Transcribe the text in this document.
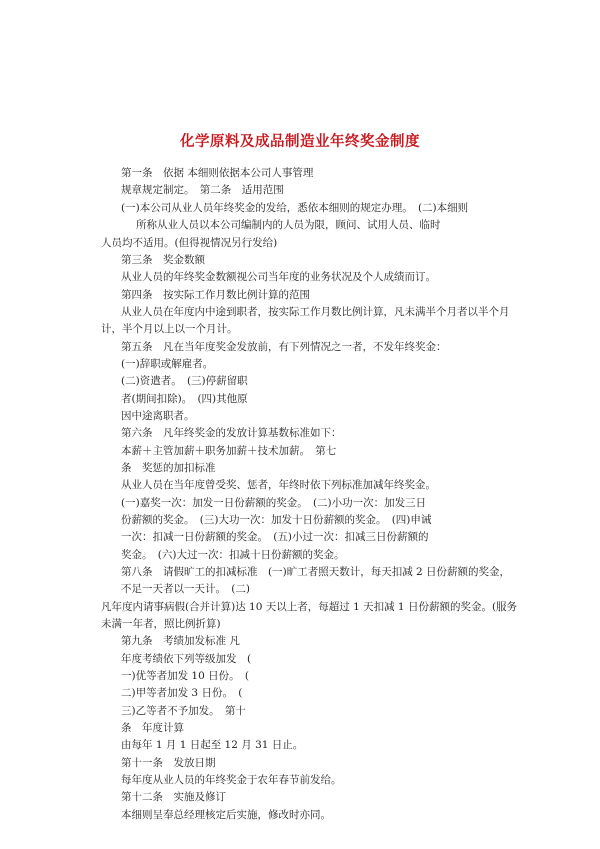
化学原料及成品制造业年终奖金制度
第一条　依据 本细则依据本公司人事管理
规章规定制定。　第二条　适用范围
(一)本公司从业人员年终奖金的发给，悉依本细则的规定办理。　(二)本细则
所称从业人员以本公司编制内的人员为限，顾问、试用人员、临时
人员均不适用。(但得视情况另行发给)
第三条　奖金数额
从业人员的年终奖金数额视公司当年度的业务状况及个人成绩而订。
第四条　按实际工作月数比例计算的范围
从业人员在年度内中途到职者，按实际工作月数比例计算，凡未满半个月者以半个月
计，半个月以上以一个月计。
第五条　凡在当年度奖金发放前，有下列情况之一者，不发年终奖金：
(一)辞职或解雇者。
(二)资遣者。　(三)停薪留职
者(期间扣除)。　(四)其他原
因中途离职者。
第六条　凡年终奖金的发放计算基数标准如下：
本薪＋主管加薪＋职务加薪＋技术加薪。　第七
条　奖惩的加扣标准
从业人员在当年度曾受奖、惩者，年终时依下列标准加减年终奖金。
(一)嘉奖一次：加发一日份薪额的奖金。　(二)小功一次：加发三日
份薪额的奖金。　(三)大功一次：加发十日份薪额的奖金。　(四)申诫
一次：扣减一日份薪额的奖金。　(五)小过一次：扣减三日份薪额的
奖金。　(六)大过一次：扣减十日份薪额的奖金。
第八条　请假旷工的扣减标准　(一)旷工者照天数计，每天扣减 2 日份薪额的奖金，
不足一天者以一天计。　(二)
凡年度内请事病假(合并计算)达 10 天以上者，每超过 1 天扣减 1 日份薪额的奖金。(服务
未满一年者，照比例折算)
第九条　考绩加发标准 凡
年度考绩依下列等级加发　(
一)优等者加发 10 日份。　(
二)甲等者加发 3 日份。　(
三)乙等者不予加发。　第十
条　年度计算
由每年 1 月 1 日起至 12 月 31 日止。
第十一条　发放日期
每年度从业人员的年终奖金于农年春节前发给。
第十二条　实施及修订
本细则呈奉总经理核定后实施，修改时亦同。
